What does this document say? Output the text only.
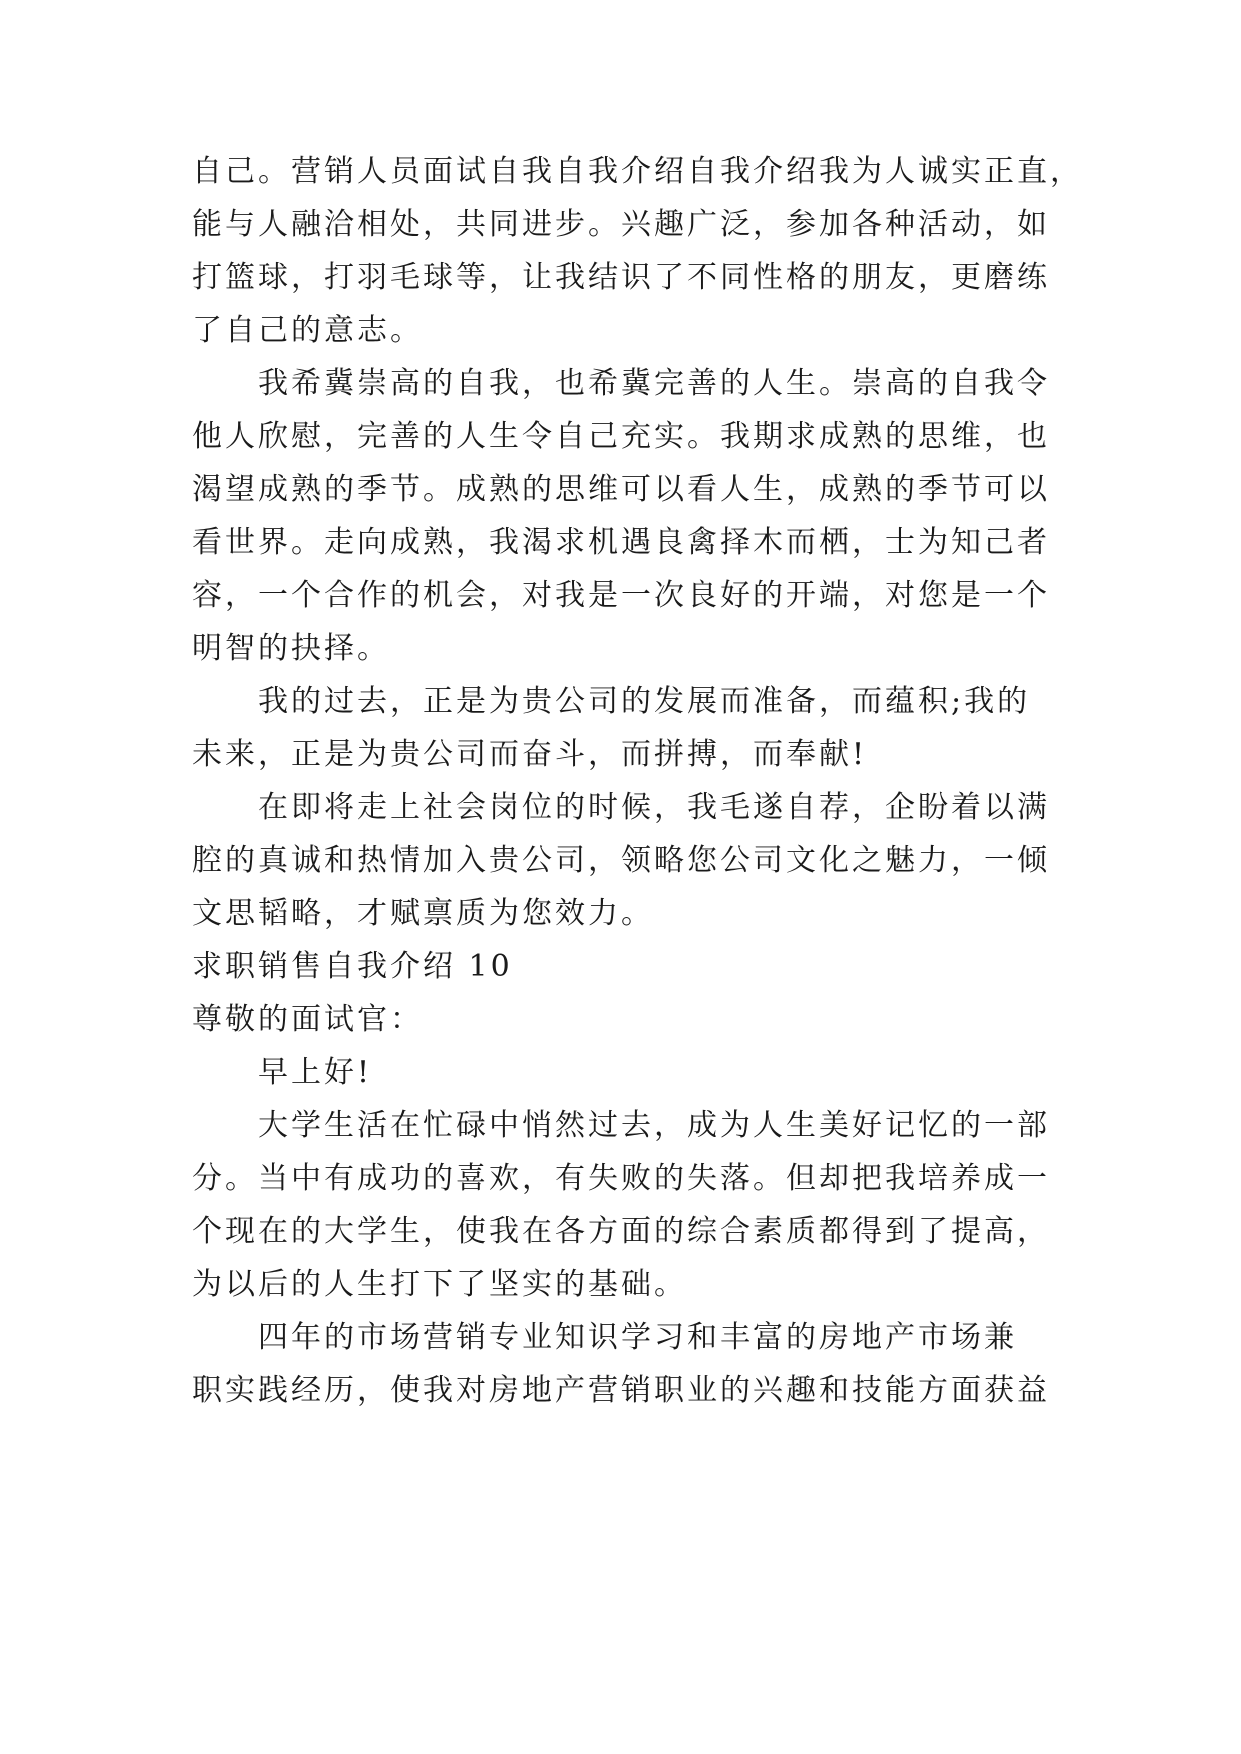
自己。营销人员面试自我自我介绍自我介绍我为人诚实正直，
能与人融洽相处，共同进步。兴趣广泛，参加各种活动，如
打篮球，打羽毛球等，让我结识了不同性格的朋友，更磨练
了自己的意志。
我希冀崇高的自我，也希冀完善的人生。崇高的自我令
他人欣慰，完善的人生令自己充实。我期求成熟的思维，也
渴望成熟的季节。成熟的思维可以看人生，成熟的季节可以
看世界。走向成熟，我渴求机遇良禽择木而栖，士为知己者
容，一个合作的机会，对我是一次良好的开端，对您是一个
明智的抉择。
我的过去，正是为贵公司的发展而准备，而蕴积;我的
未来，正是为贵公司而奋斗，而拼搏，而奉献!
在即将走上社会岗位的时候，我毛遂自荐，企盼着以满
腔的真诚和热情加入贵公司，领略您公司文化之魅力，一倾
文思韬略，才赋禀质为您效力。
求职销售自我介绍 10
尊敬的面试官：
早上好!
大学生活在忙碌中悄然过去，成为人生美好记忆的一部
分。当中有成功的喜欢，有失败的失落。但却把我培养成一
个现在的大学生，使我在各方面的综合素质都得到了提高，
为以后的人生打下了坚实的基础。
四年的市场营销专业知识学习和丰富的房地产市场兼
职实践经历，使我对房地产营销职业的兴趣和技能方面获益
